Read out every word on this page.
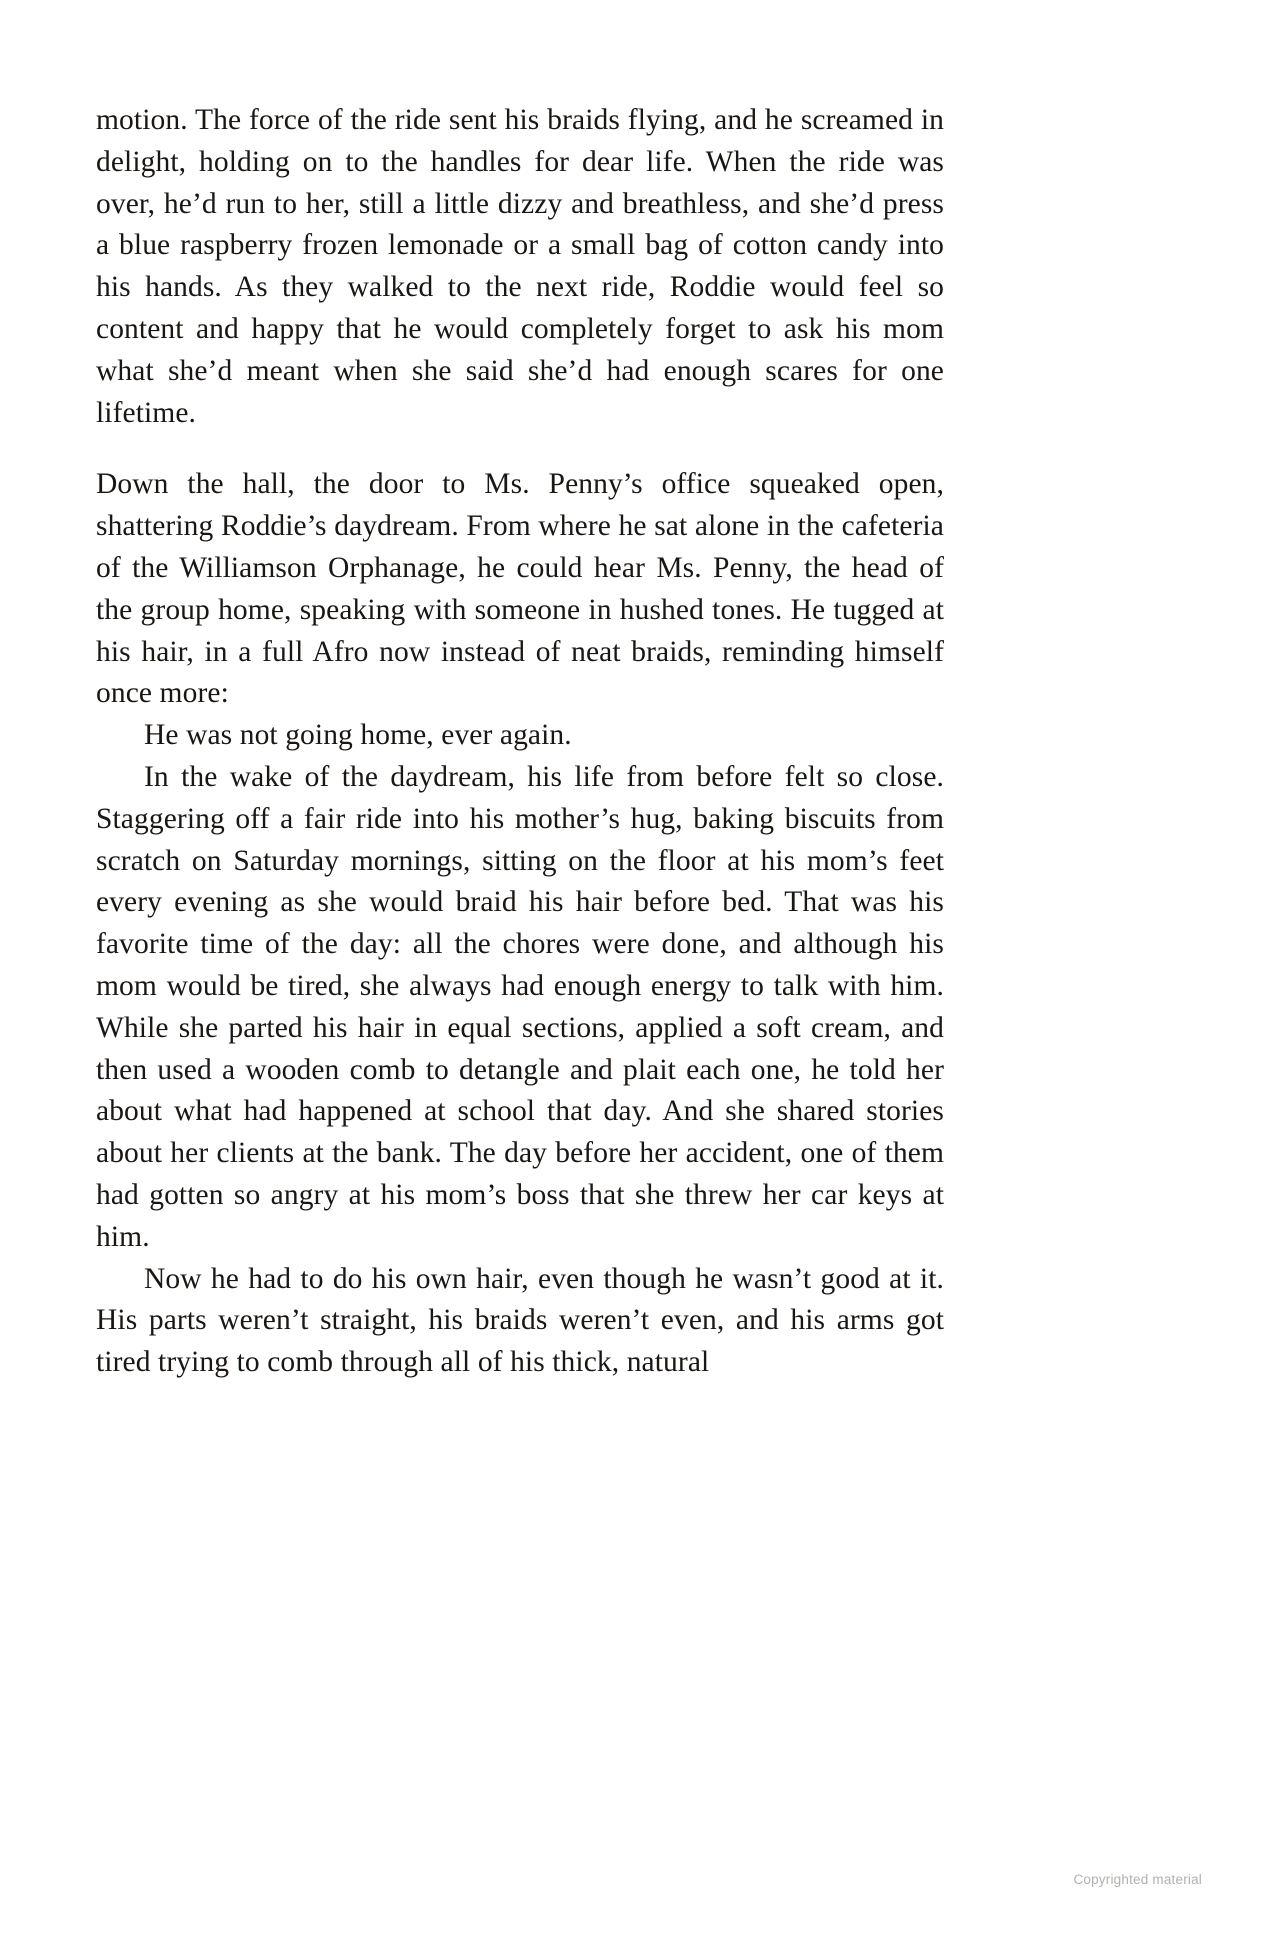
motion. The force of the ride sent his braids flying, and he screamed in delight, holding on to the handles for dear life. When the ride was over, he’d run to her, still a little dizzy and breathless, and she’d press a blue raspberry frozen lemonade or a small bag of cotton candy into his hands. As they walked to the next ride, Roddie would feel so content and happy that he would completely forget to ask his mom what she’d meant when she said she’d had enough scares for one lifetime.

Down the hall, the door to Ms. Penny’s office squeaked open, shattering Roddie’s daydream. From where he sat alone in the cafeteria of the Williamson Orphanage, he could hear Ms. Penny, the head of the group home, speaking with someone in hushed tones. He tugged at his hair, in a full Afro now instead of neat braids, reminding himself once more:

He was not going home, ever again.

In the wake of the daydream, his life from before felt so close. Staggering off a fair ride into his mother’s hug, baking biscuits from scratch on Saturday mornings, sitting on the floor at his mom’s feet every evening as she would braid his hair before bed. That was his favorite time of the day: all the chores were done, and although his mom would be tired, she always had enough energy to talk with him. While she parted his hair in equal sections, applied a soft cream, and then used a wooden comb to detangle and plait each one, he told her about what had happened at school that day. And she shared stories about her clients at the bank. The day before her accident, one of them had gotten so angry at his mom’s boss that she threw her car keys at him.

Now he had to do his own hair, even though he wasn’t good at it. His parts weren’t straight, his braids weren’t even, and his arms got tired trying to comb through all of his thick, natural

Copyrighted material
